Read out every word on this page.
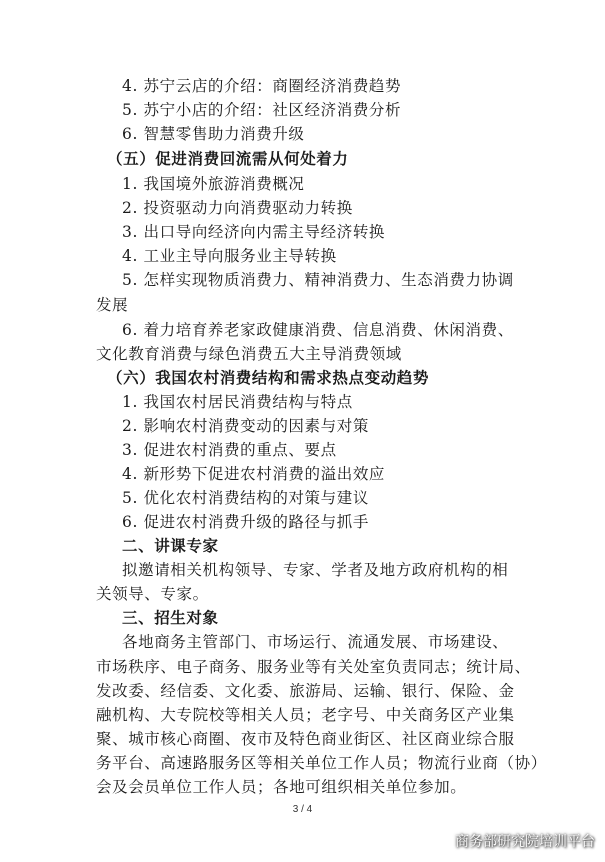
4. 苏宁云店的介绍：商圈经济消费趋势
5. 苏宁小店的介绍：社区经济消费分析
6. 智慧零售助力消费升级
（五）促进消费回流需从何处着力
1. 我国境外旅游消费概况
2. 投资驱动力向消费驱动力转换
3. 出口导向经济向内需主导经济转换
4. 工业主导向服务业主导转换
5. 怎样实现物质消费力、精神消费力、生态消费力协调
发展
6. 着力培育养老家政健康消费、信息消费、休闲消费、
文化教育消费与绿色消费五大主导消费领域
（六）我国农村消费结构和需求热点变动趋势
1. 我国农村居民消费结构与特点
2. 影响农村消费变动的因素与对策
3. 促进农村消费的重点、要点
4. 新形势下促进农村消费的溢出效应
5. 优化农村消费结构的对策与建议
6. 促进农村消费升级的路径与抓手
二、讲课专家
拟邀请相关机构领导、专家、学者及地方政府机构的相
关领导、专家。
三、招生对象
各地商务主管部门、市场运行、流通发展、市场建设、
市场秩序、电子商务、服务业等有关处室负责同志；统计局、
发改委、经信委、文化委、旅游局、运输、银行、保险、金
融机构、大专院校等相关人员；老字号、中关商务区产业集
聚、城市核心商圈、夜市及特色商业街区、社区商业综合服
务平台、高速路服务区等相关单位工作人员；物流行业商（协）
会及会员单位工作人员；各地可组织相关单位参加。
3 / 4
商务部研究院培训平台
